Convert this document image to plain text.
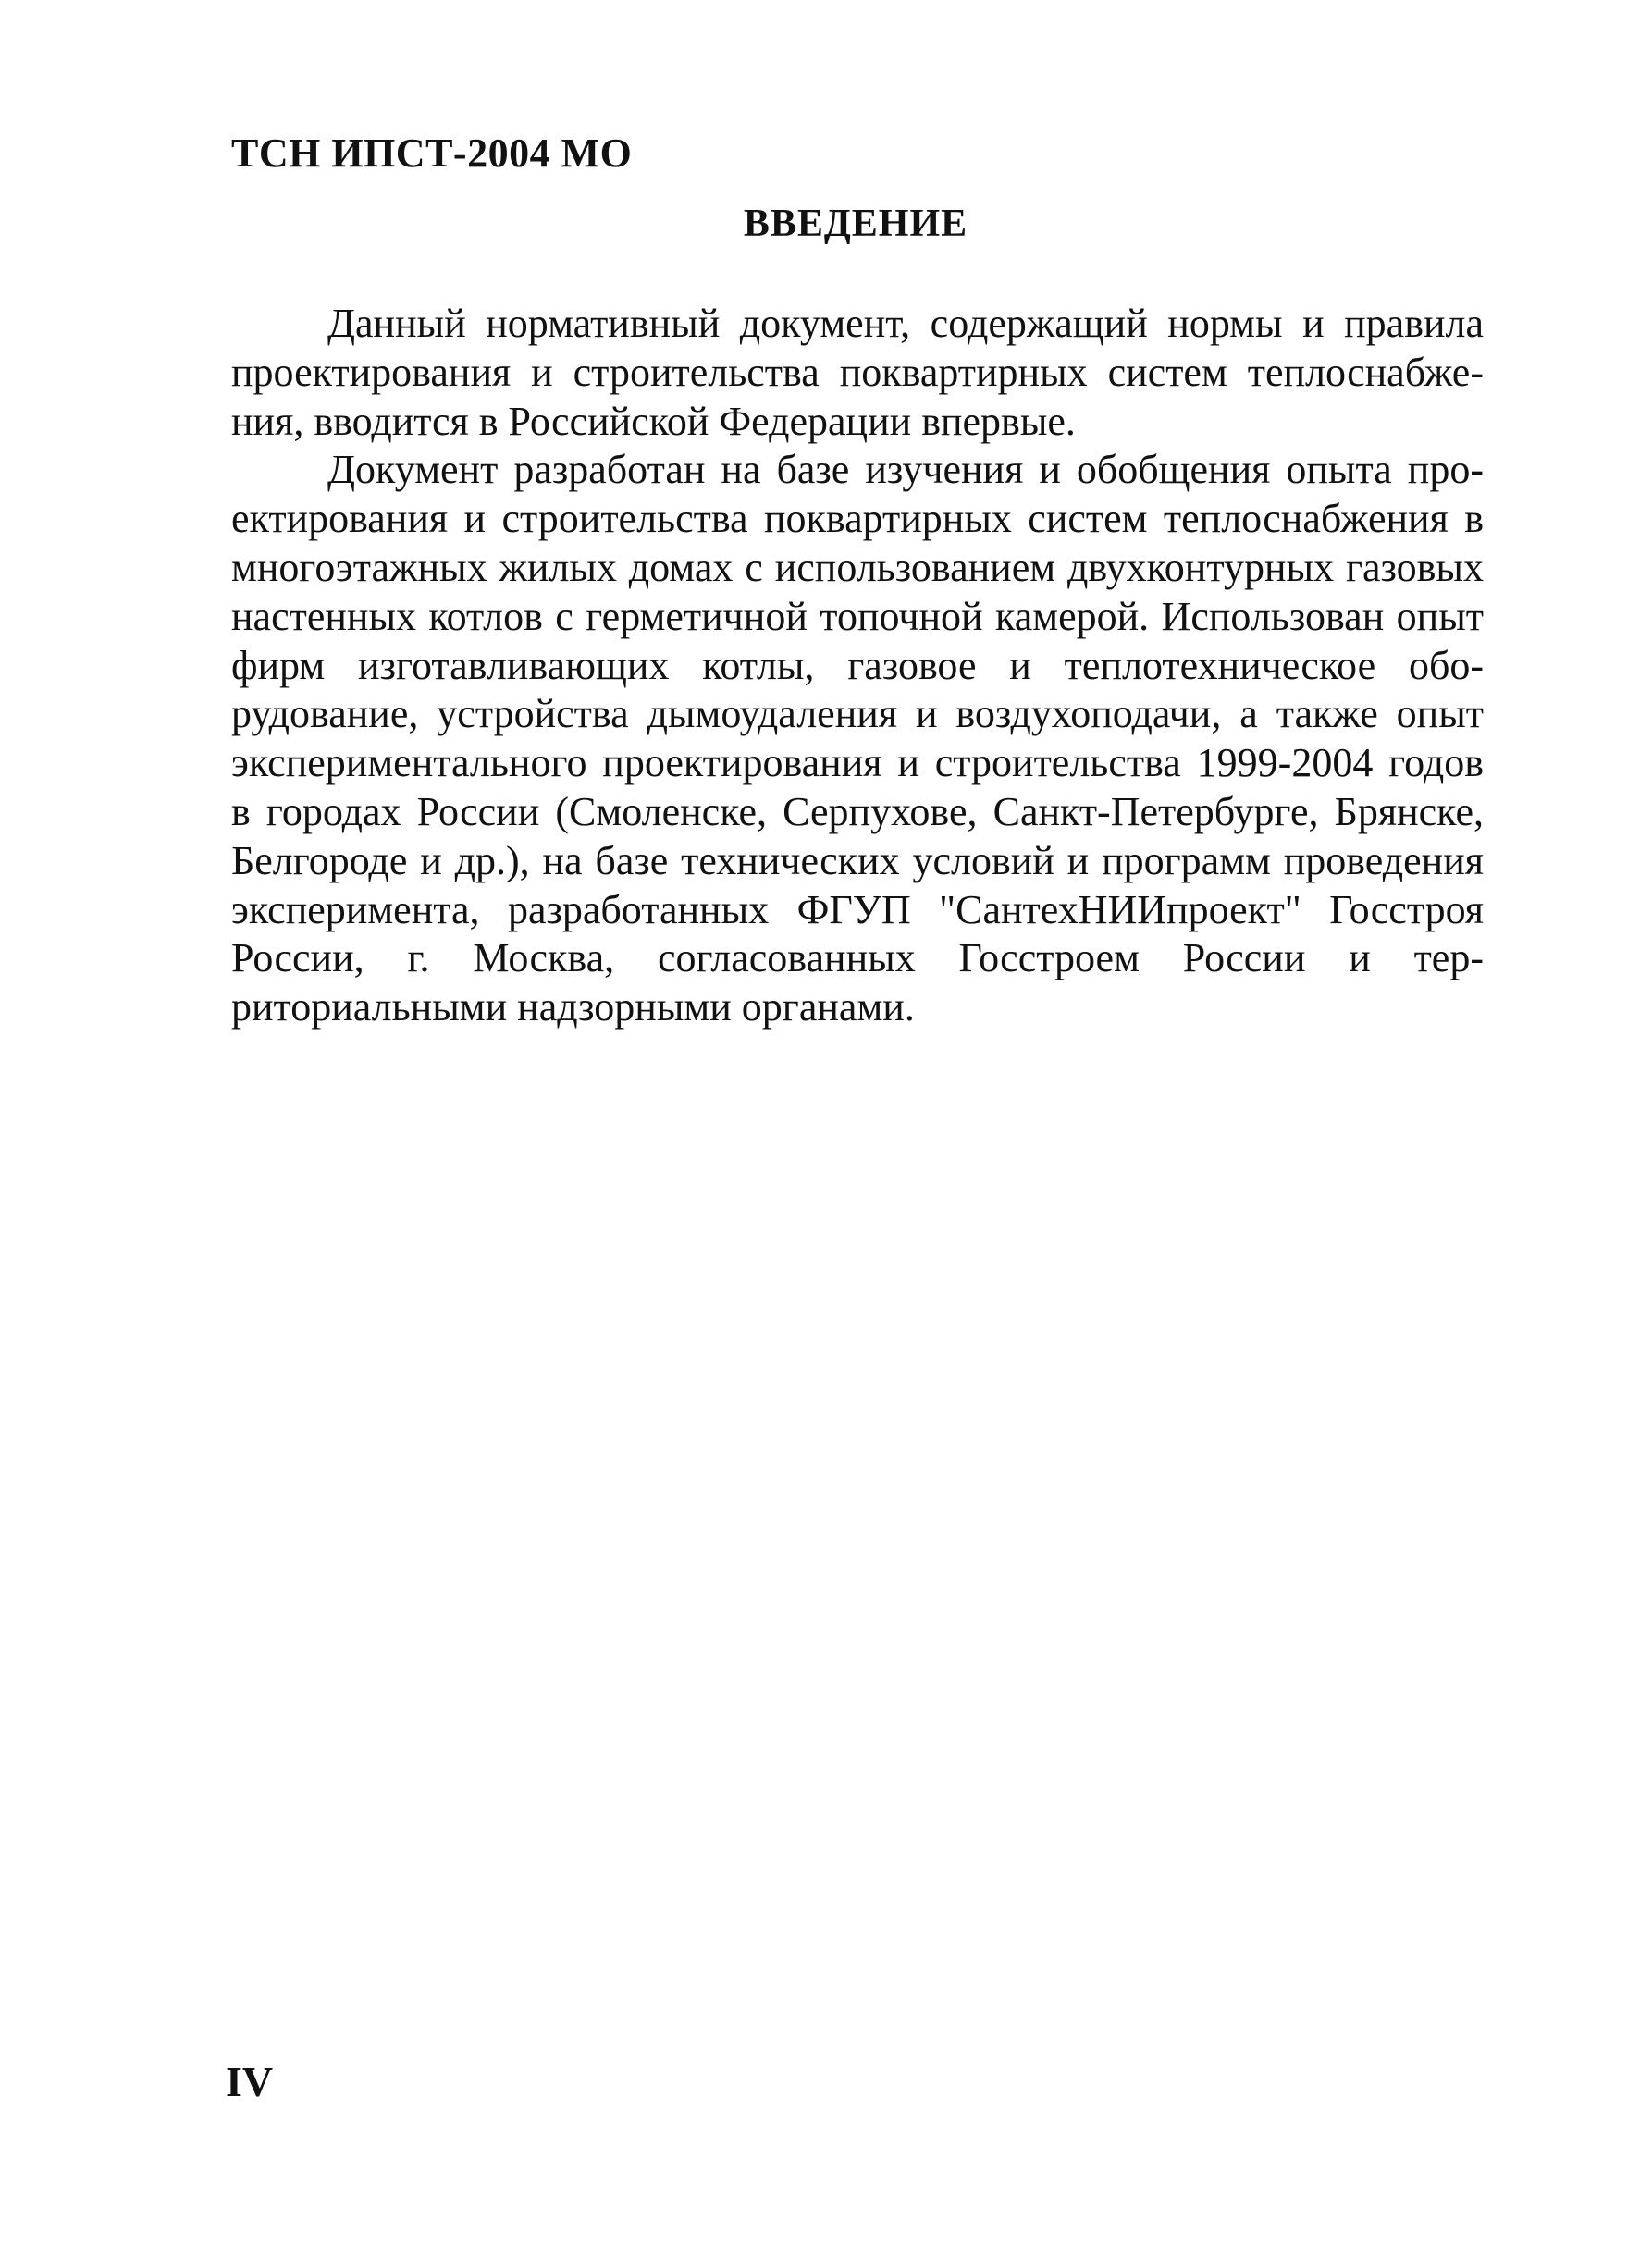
ТСН ИПСТ-2004 МО
ВВЕДЕНИЕ

Данный нормативный документ, содержащий нормы и правила проектирования и строительства поквартирных систем теплоснабжения, вводится в Российской Федерации впервые.

Документ разработан на базе изучения и обобщения опыта проектирования и строительства поквартирных систем теплоснабжения в многоэтажных жилых домах с использованием двухконтурных газовых настенных котлов с герметичной топочной камерой. Использован опыт фирм изготавливающих котлы, газовое и теплотехническое оборудование, устройства дымоудаления и воздухоподачи, а также опыт экспериментального проектирования и строительства 1999-2004 годов в городах России (Смоленске, Серпухове, Санкт-Петербурге, Брянске, Белгороде и др.), на базе технических условий и программ проведения эксперимента, разработанных ФГУП "СантехНИИпроект" Госстроя России, г. Москва, согласованных Госстроем России и территориальными надзорными органами.

IV
